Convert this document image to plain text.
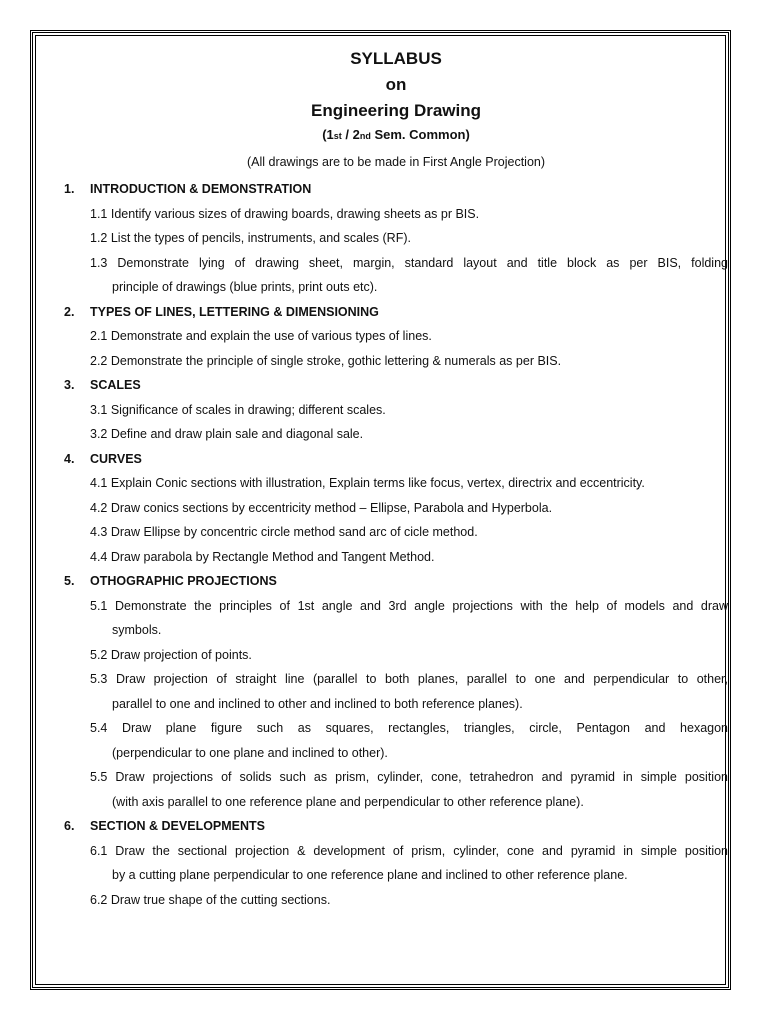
SYLLABUS
on
Engineering Drawing
(1st / 2nd Sem. Common)
(All drawings are to be made in First Angle Projection)
1.	INTRODUCTION & DEMONSTRATION
1.1 Identify various sizes of drawing boards, drawing sheets as pr BIS.
1.2 List the types of pencils, instruments, and scales (RF).
1.3 Demonstrate lying of drawing sheet, margin, standard layout and title block as per BIS, folding
principle of drawings (blue prints, print outs etc).
2.	TYPES OF LINES, LETTERING & DIMENSIONING
2.1 Demonstrate and explain the use of various types of lines.
2.2 Demonstrate the principle of single stroke, gothic lettering & numerals as per BIS.
3.	SCALES
3.1 Significance of scales in drawing; different scales.
3.2 Define and draw plain sale and diagonal sale.
4.	CURVES
4.1 Explain Conic sections with illustration, Explain terms like focus, vertex, directrix and eccentricity.
4.2 Draw conics sections by eccentricity method – Ellipse, Parabola and Hyperbola.
4.3 Draw Ellipse by concentric circle method sand arc of cicle method.
4.4 Draw parabola by Rectangle Method and Tangent Method.
5.	OTHOGRAPHIC PROJECTIONS
5.1 Demonstrate the principles of 1st angle and 3rd angle projections with the help of models and draw
symbols.
5.2 Draw projection of points.
5.3 Draw projection of straight line (parallel to both planes, parallel to one and perpendicular to other,
parallel to one and inclined to other and inclined to both reference planes).
5.4 Draw plane figure such as squares, rectangles, triangles, circle, Pentagon and hexagon
(perpendicular to one plane and inclined to other).
5.5 Draw projections of solids such as prism, cylinder, cone, tetrahedron and pyramid in simple position
(with axis parallel to one reference plane and perpendicular to other reference plane).
6.	SECTION & DEVELOPMENTS
6.1 Draw the sectional projection & development of prism, cylinder, cone and pyramid in simple position
by a cutting plane perpendicular to one reference plane and inclined to other reference plane.
6.2 Draw true shape of the cutting sections.
